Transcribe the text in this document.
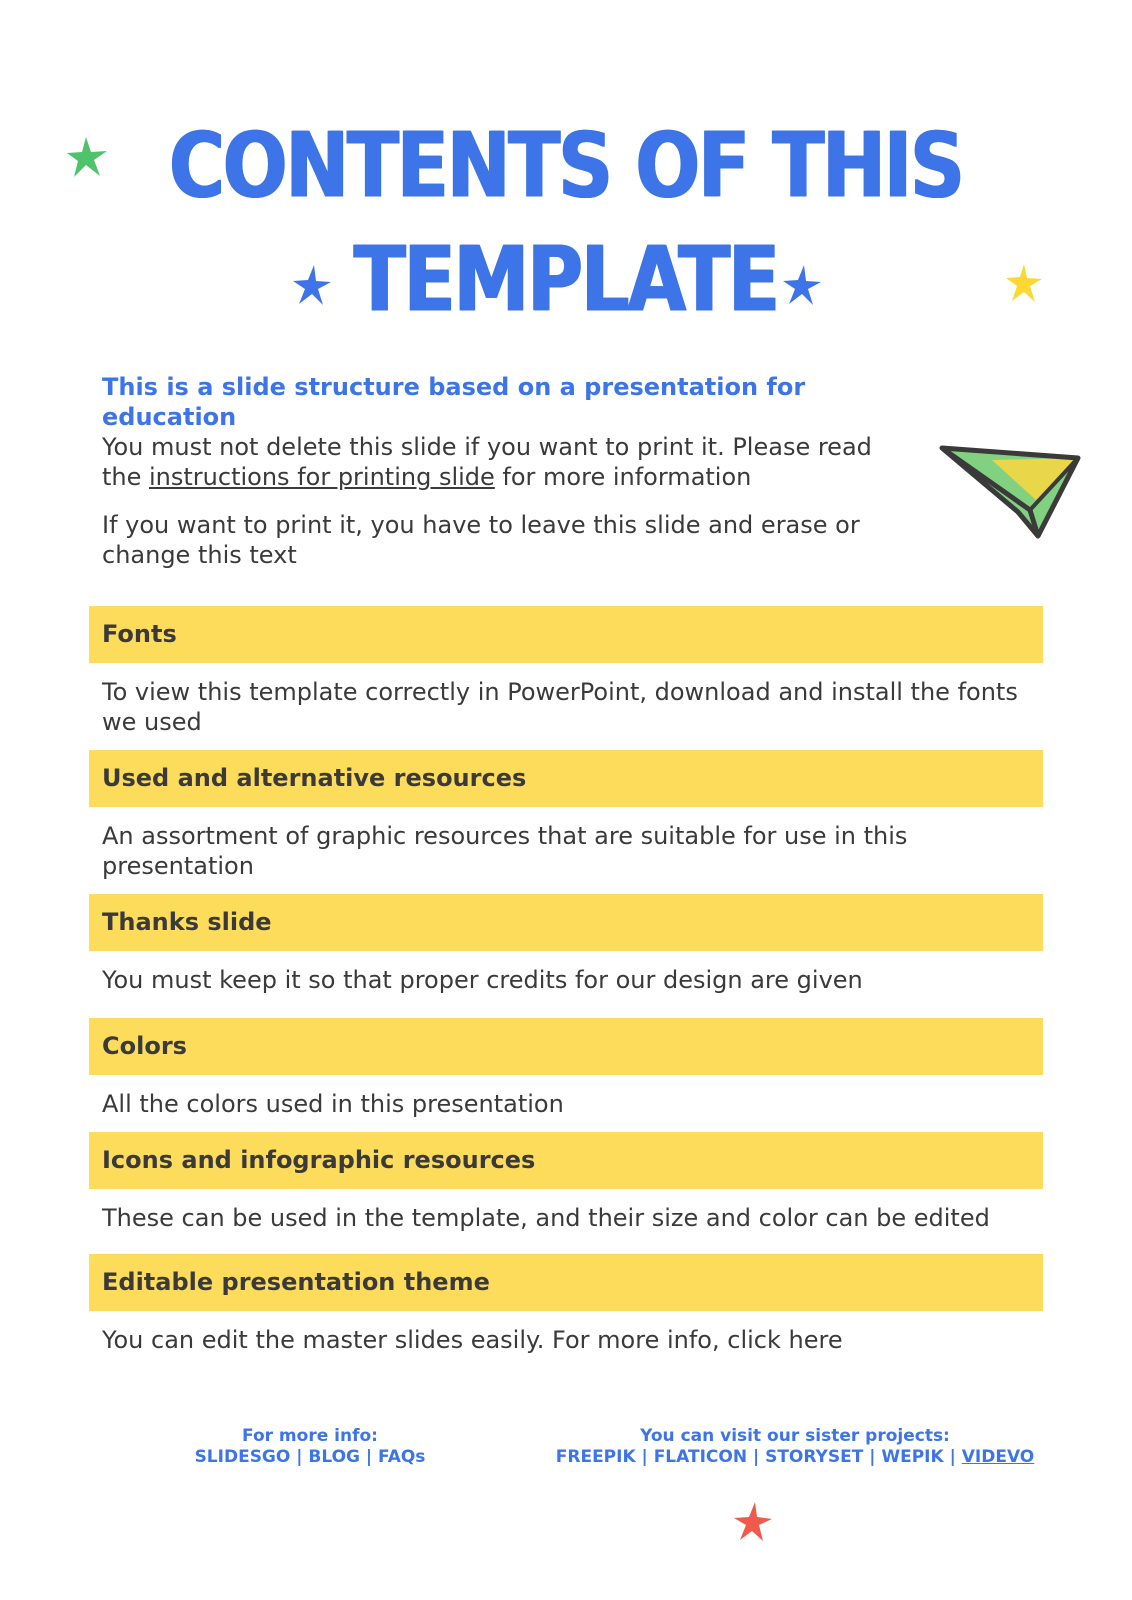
CONTENTS OF THIS
TEMPLATE
This is a slide structure based on a presentation for education
You must not delete this slide if you want to print it. Please read the instructions for printing slide for more information
If you want to print it, you have to leave this slide and erase or change this text
Fonts
To view this template correctly in PowerPoint, download and install the fonts we used
Used and alternative resources
An assortment of graphic resources that are suitable for use in this presentation
Thanks slide
You must keep it so that proper credits for our design are given
Colors
All the colors used in this presentation
Icons and infographic resources
These can be used in the template, and their size and color can be edited
Editable presentation theme
You can edit the master slides easily. For more info, click here
For more info:
SLIDESGO | BLOG | FAQs
You can visit our sister projects:
FREEPIK | FLATICON | STORYSET | WEPIK | VIDEVO
